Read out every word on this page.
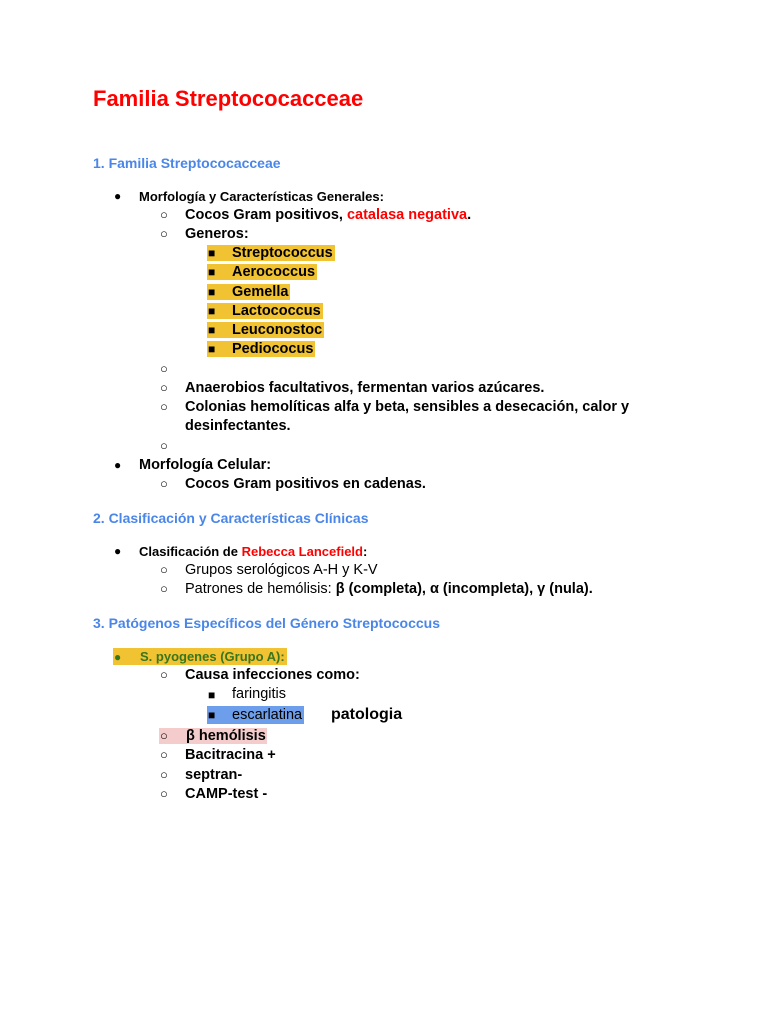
Familia Streptococacceae
1. Familia Streptococacceae
● Morfología y Características Generales:
○ Cocos Gram positivos, catalasa negativa.
○ Generos:
■ Streptococcus
■ Aerococcus
■ Gemella
■ Lactococcus
■ Leuconostoc
■ Pediococus
○
○ Anaerobios facultativos, fermentan varios azúcares.
○ Colonias hemolíticas alfa y beta, sensibles a desecación, calor y
desinfectantes.
○
● Morfología Celular:
○ Cocos Gram positivos en cadenas.
2. Clasificación y Características Clínicas
● Clasificación de Rebecca Lancefield:
○ Grupos serológicos A-H y K-V
○ Patrones de hemólisis: β (completa), α (incompleta), γ (nula).
3. Patógenos Específicos del Género Streptococcus
● S. pyogenes (Grupo A):
○ Causa infecciones como:
■ faringitis
■ escarlatina patologia
○ β hemólisis
○ Bacitracina +
○ septran-
○ CAMP-test -
